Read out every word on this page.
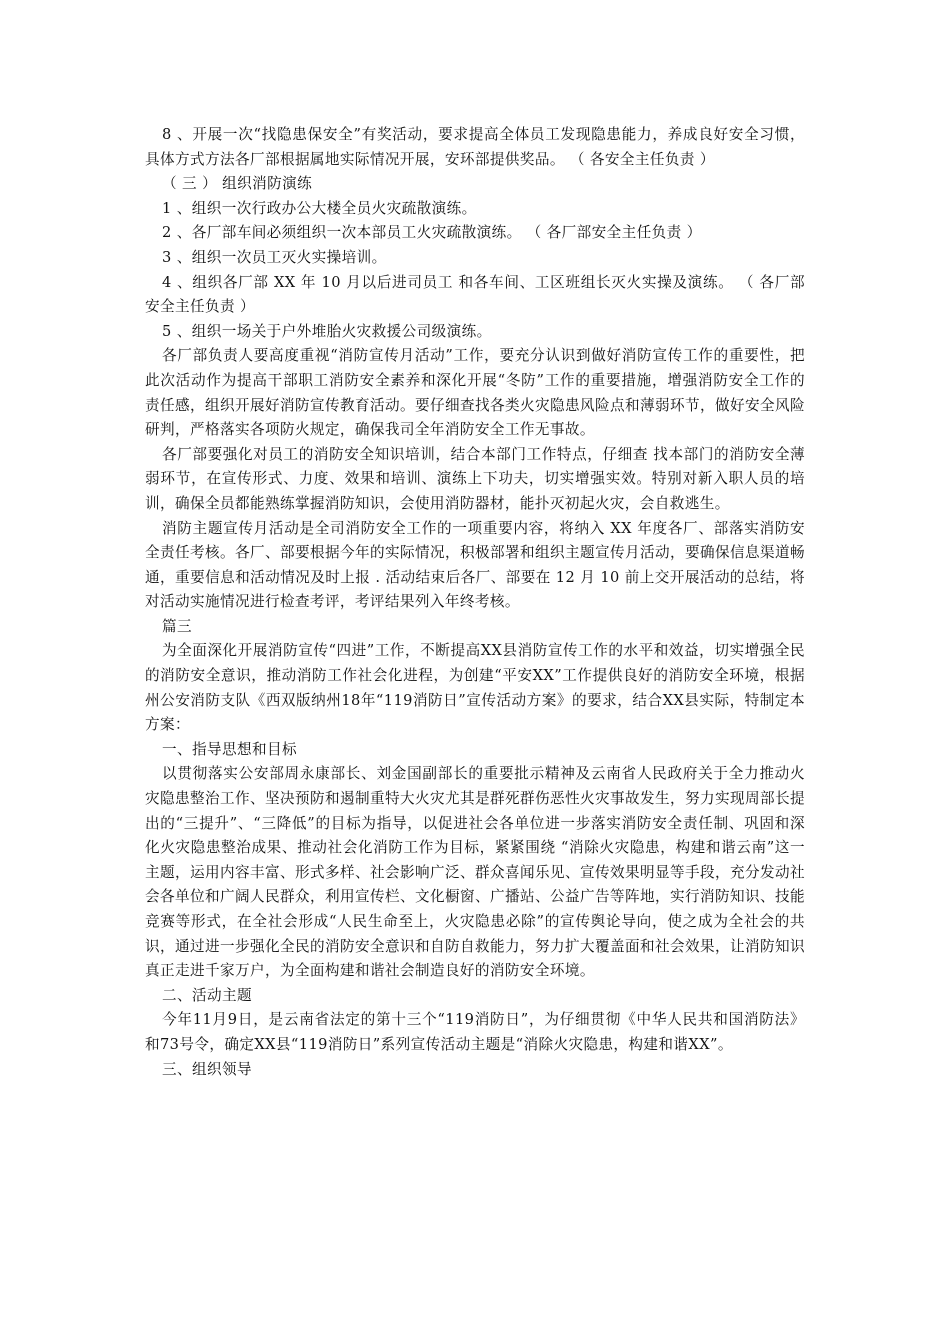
8 、开展一次“找隐患保安全”有奖活动，要求提高全体员工发现隐患能力，养成良好安全习惯，具体方式方法各厂部根据属地实际情况开展，安环部提供奖品。 （ 各安全主任负责 ）

（ 三 ） 组织消防演练

1 、组织一次行政办公大楼全员火灾疏散演练。

2 、各厂部车间必须组织一次本部员工火灾疏散演练。 （ 各厂部安全主任负责 ）

3 、组织一次员工灭火实操培训。

4 、组织各厂部 XX 年 10 月以后进司员工 和各车间、工区班组长灭火实操及演练。 （ 各厂部安全主任负责 ）

5 、组织一场关于户外堆胎火灾救援公司级演练。

各厂部负责人要高度重视“消防宣传月活动”工作，要充分认识到做好消防宣传工作的重要性，把此次活动作为提高干部职工消防安全素养和深化开展“冬防”工作的重要措施，增强消防安全工作的责任感，组织开展好消防宣传教育活动。要仔细查找各类火灾隐患风险点和薄弱环节，做好安全风险研判，严格落实各项防火规定，确保我司全年消防安全工作无事故。

各厂部要强化对员工的消防安全知识培训，结合本部门工作特点，仔细查 找本部门的消防安全薄弱环节，在宣传形式、力度、效果和培训、演练上下功夫，切实增强实效。特别对新入职人员的培训，确保全员都能熟练掌握消防知识，会使用消防器材，能扑灭初起火灾，会自救逃生。

消防主题宣传月活动是全司消防安全工作的一项重要内容，将纳入 XX 年度各厂、部落实消防安全责任考核。各厂、部要根据今年的实际情况，积极部署和组织主题宣传月活动，要确保信息渠道畅通，重要信息和活动情况及时上报 . 活动结束后各厂、部要在 12 月 10 前上交开展活动的总结，将对活动实施情况进行检查考评，考评结果列入年终考核。

篇三

为全面深化开展消防宣传“四进”工作，不断提高XX县消防宣传工作的水平和效益，切实增强全民的消防安全意识，推动消防工作社会化进程，为创建“平安XX”工作提供良好的消防安全环境，根据州公安消防支队《西双版纳州18年“119消防日”宣传活动方案》的要求，结合XX县实际，特制定本方案：

一、指导思想和目标

以贯彻落实公安部周永康部长、刘金国副部长的重要批示精神及云南省人民政府关于全力推动火灾隐患整治工作、坚决预防和遏制重特大火灾尤其是群死群伤恶性火灾事故发生，努力实现周部长提出的“三提升”、“三降低”的目标为指导，以促进社会各单位进一步落实消防安全责任制、巩固和深化火灾隐患整治成果、推动社会化消防工作为目标，紧紧围绕 “消除火灾隐患，构建和谐云南”这一主题，运用内容丰富、形式多样、社会影响广泛、群众喜闻乐见、宣传效果明显等手段，充分发动社会各单位和广阔人民群众，利用宣传栏、文化橱窗、广播站、公益广告等阵地，实行消防知识、技能竞赛等形式，在全社会形成“人民生命至上，火灾隐患必除”的宣传舆论导向，使之成为全社会的共识，通过进一步强化全民的消防安全意识和自防自救能力，努力扩大覆盖面和社会效果，让消防知识真正走进千家万户，为全面构建和谐社会制造良好的消防安全环境。

二、活动主题

今年11月9日，是云南省法定的第十三个“119消防日”，为仔细贯彻《中华人民共和国消防法》和73号令，确定XX县“119消防日”系列宣传活动主题是“消除火灾隐患，构建和谐XX”。

三、组织领导
